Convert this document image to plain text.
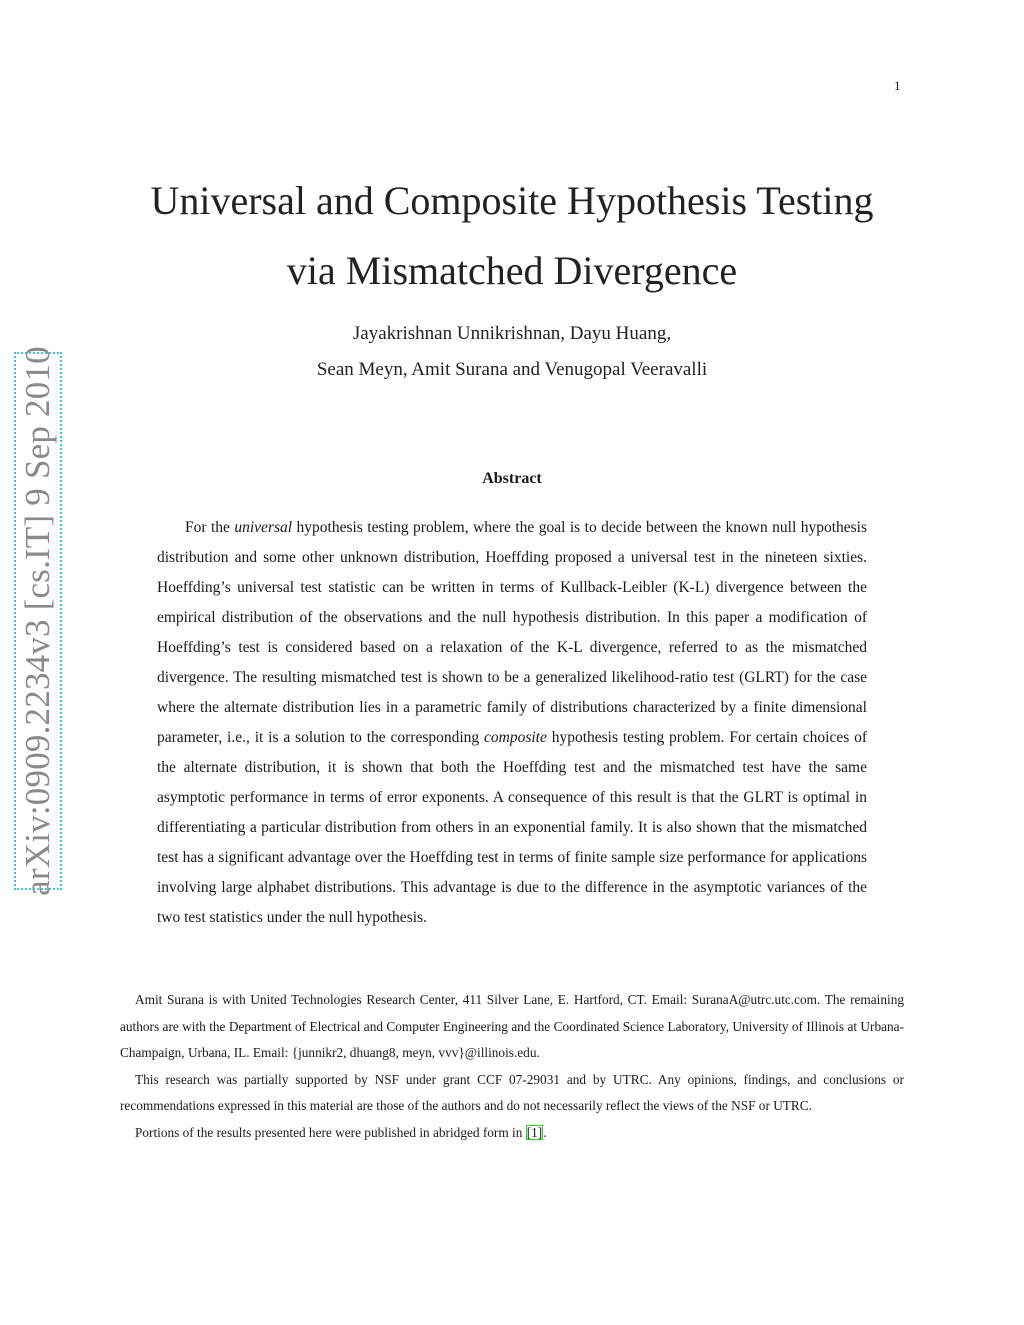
1
arXiv:0909.2234v3 [cs.IT] 9 Sep 2010
Universal and Composite Hypothesis Testing
via Mismatched Divergence
Jayakrishnan Unnikrishnan, Dayu Huang,
Sean Meyn, Amit Surana and Venugopal Veeravalli
Abstract

For the universal hypothesis testing problem, where the goal is to decide between the known null hypothesis distribution and some other unknown distribution, Hoeffding proposed a universal test in the nineteen sixties. Hoeffding’s universal test statistic can be written in terms of Kullback-Leibler (K-L) divergence between the empirical distribution of the observations and the null hypothesis distribution. In this paper a modification of Hoeffding’s test is considered based on a relaxation of the K-L divergence, referred to as the mismatched divergence. The resulting mismatched test is shown to be a generalized likelihood-ratio test (GLRT) for the case where the alternate distribution lies in a parametric family of distributions characterized by a finite dimensional parameter, i.e., it is a solution to the corresponding composite hypothesis testing problem. For certain choices of the alternate distribution, it is shown that both the Hoeffding test and the mismatched test have the same asymptotic performance in terms of error exponents. A consequence of this result is that the GLRT is optimal in differentiating a particular distribution from others in an exponential family. It is also shown that the mismatched test has a significant advantage over the Hoeffding test in terms of finite sample size performance for applications involving large alphabet distributions. This advantage is due to the difference in the asymptotic variances of the two test statistics under the null hypothesis.

Amit Surana is with United Technologies Research Center, 411 Silver Lane, E. Hartford, CT. Email: SuranaA@utrc.utc.com. The remaining authors are with the Department of Electrical and Computer Engineering and the Coordinated Science Laboratory, University of Illinois at Urbana-Champaign, Urbana, IL. Email: {junnikr2, dhuang8, meyn, vvv}@illinois.edu.

This research was partially supported by NSF under grant CCF 07-29031 and by UTRC. Any opinions, findings, and conclusions or recommendations expressed in this material are those of the authors and do not necessarily reflect the views of the NSF or UTRC.

Portions of the results presented here were published in abridged form in [1].
